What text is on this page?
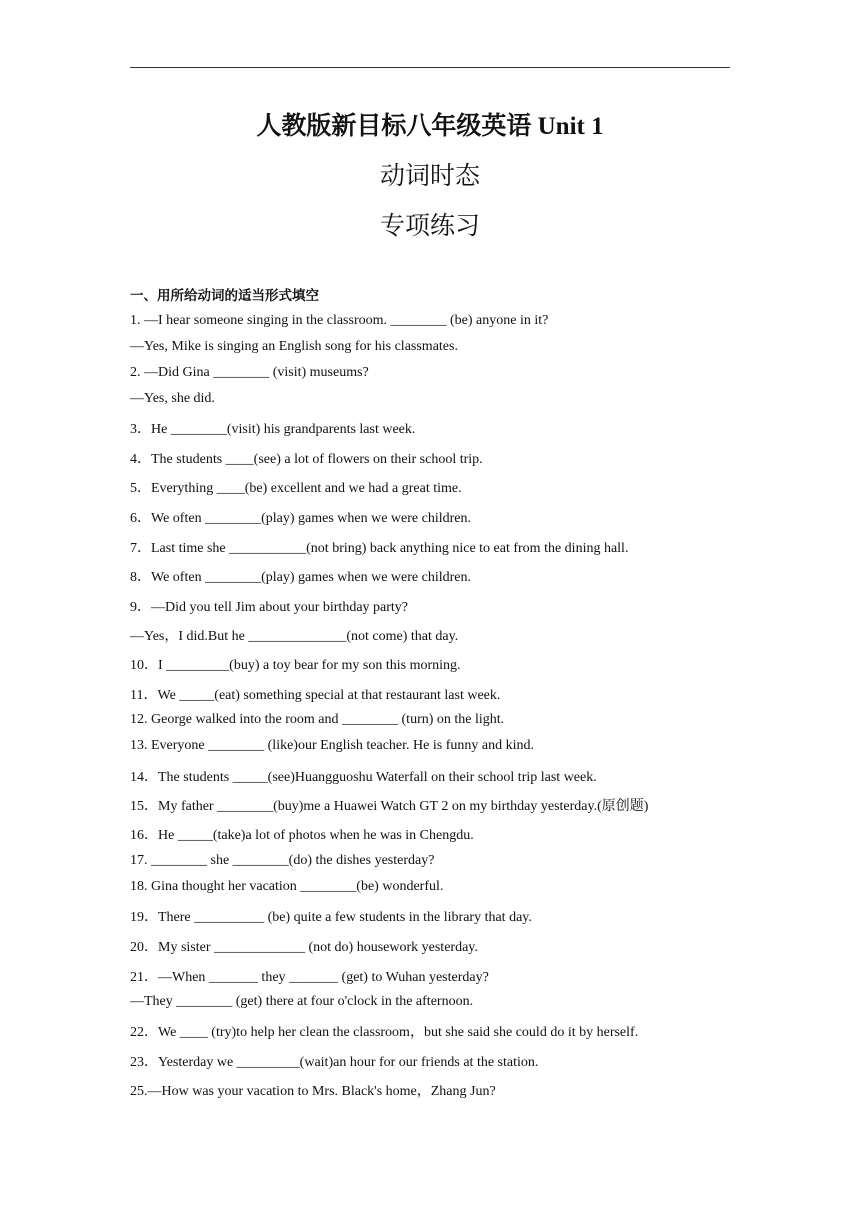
人教版新目标八年级英语 Unit 1
动词时态
专项练习
一、用所给动词的适当形式填空
1. —I hear someone singing in the classroom. ________ (be) anyone in it?
—Yes, Mike is singing an English song for his classmates.
2. —Did Gina ________ (visit) museums?
—Yes, she did.
3．He ________(visit) his grandparents last week.
4．The students ____(see) a lot of flowers on their school trip.
5．Everything ____(be) excellent and we had a great time.
6．We often ________(play) games when we were children.
7．Last time she ___________(not bring) back anything nice to eat from the dining hall.
8．We often ________(play) games when we were children.
9．—Did you tell Jim about your birthday party?
—Yes，I did.But he ______________(not come) that day.
10．I _________(buy) a toy bear for my son this morning.
11．We _____(eat) something special at that restaurant last week.
12. George walked into the room and ________ (turn) on the light.
13. Everyone ________ (like)our English teacher. He is funny and kind.
14．The students _____(see)Huangguoshu Waterfall on their school trip last week.
15．My father ________(buy)me a Huawei Watch GT 2 on my birthday yesterday.(原创题)
16．He _____(take)a lot of photos when he was in Chengdu.
17. ________ she ________(do) the dishes yesterday?
18. Gina thought her vacation ________(be) wonderful.
19．There __________ (be) quite a few students in the library that day.
20．My sister _____________ (not do) housework yesterday.
21．—When _______ they _______ (get) to Wuhan yesterday?
—They ________ (get) there at four o'clock in the afternoon.
22．We ____ (try)to help her clean the classroom，but she said she could do it by herself.
23．Yesterday we _________(wait)an hour for our friends at the station.
25.—How was your vacation to Mrs. Black's home，Zhang Jun?
